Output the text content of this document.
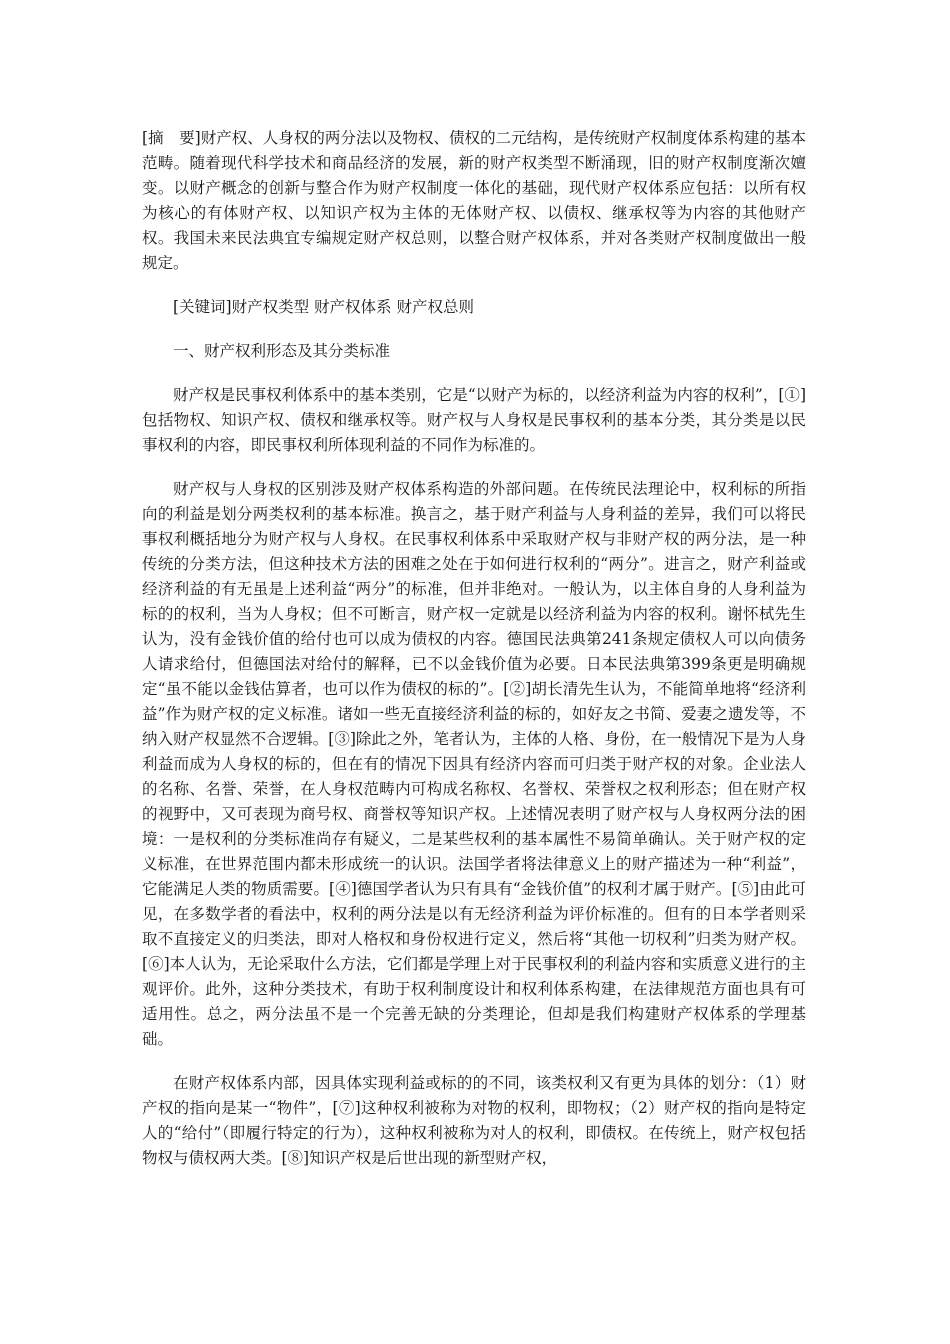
[摘　要]财产权、人身权的两分法以及物权、债权的二元结构，是传统财产权制度体系构建的基本范畴。随着现代科学技术和商品经济的发展，新的财产权类型不断涌现，旧的财产权制度渐次嬗变。以财产概念的创新与整合作为财产权制度一体化的基础，现代财产权体系应包括：以所有权为核心的有体财产权、以知识产权为主体的无体财产权、以债权、继承权等为内容的其他财产权。我国未来民法典宜专编规定财产权总则，以整合财产权体系，并对各类财产权制度做出一般规定。

[关键词]财产权类型 财产权体系 财产权总则

一、财产权利形态及其分类标准

财产权是民事权利体系中的基本类别，它是“以财产为标的，以经济利益为内容的权利”，[①]包括物权、知识产权、债权和继承权等。财产权与人身权是民事权利的基本分类，其分类是以民事权利的内容，即民事权利所体现利益的不同作为标准的。

财产权与人身权的区别涉及财产权体系构造的外部问题。在传统民法理论中，权利标的所指向的利益是划分两类权利的基本标准。换言之，基于财产利益与人身利益的差异，我们可以将民事权利概括地分为财产权与人身权。在民事权利体系中采取财产权与非财产权的两分法，是一种传统的分类方法，但这种技术方法的困难之处在于如何进行权利的“两分”。进言之，财产利益或经济利益的有无虽是上述利益“两分”的标准，但并非绝对。一般认为，以主体自身的人身利益为标的的权利，当为人身权；但不可断言，财产权一定就是以经济利益为内容的权利。谢怀栻先生认为，没有金钱价值的给付也可以成为债权的内容。德国民法典第241条规定债权人可以向债务人请求给付，但德国法对给付的解释，已不以金钱价值为必要。日本民法典第399条更是明确规定“虽不能以金钱估算者，也可以作为债权的标的”。[②]胡长清先生认为，不能简单地将“经济利益”作为财产权的定义标准。诸如一些无直接经济利益的标的，如好友之书简、爱妻之遗发等，不纳入财产权显然不合逻辑。[③]除此之外，笔者认为，主体的人格、身份，在一般情况下是为人身利益而成为人身权的标的，但在有的情况下因具有经济内容而可归类于财产权的对象。企业法人的名称、名誉、荣誉，在人身权范畴内可构成名称权、名誉权、荣誉权之权利形态；但在财产权的视野中，又可表现为商号权、商誉权等知识产权。上述情况表明了财产权与人身权两分法的困境：一是权利的分类标准尚存有疑义，二是某些权利的基本属性不易简单确认。关于财产权的定义标准，在世界范围内都未形成统一的认识。法国学者将法律意义上的财产描述为一种“利益”，它能满足人类的物质需要。[④]德国学者认为只有具有“金钱价值”的权利才属于财产。[⑤]由此可见，在多数学者的看法中，权利的两分法是以有无经济利益为评价标准的。但有的日本学者则采取不直接定义的归类法，即对人格权和身份权进行定义，然后将“其他一切权利”归类为财产权。[⑥]本人认为，无论采取什么方法，它们都是学理上对于民事权利的利益内容和实质意义进行的主观评价。此外，这种分类技术，有助于权利制度设计和权利体系构建，在法律规范方面也具有可适用性。总之，两分法虽不是一个完善无缺的分类理论，但却是我们构建财产权体系的学理基础。

在财产权体系内部，因具体实现利益或标的的不同，该类权利又有更为具体的划分：（1）财产权的指向是某一“物件”，[⑦]这种权利被称为对物的权利，即物权；（2）财产权的指向是特定人的“给付”（即履行特定的行为），这种权利被称为对人的权利，即债权。在传统上，财产权包括物权与债权两大类。[⑧]知识产权是后世出现的新型财产权，
